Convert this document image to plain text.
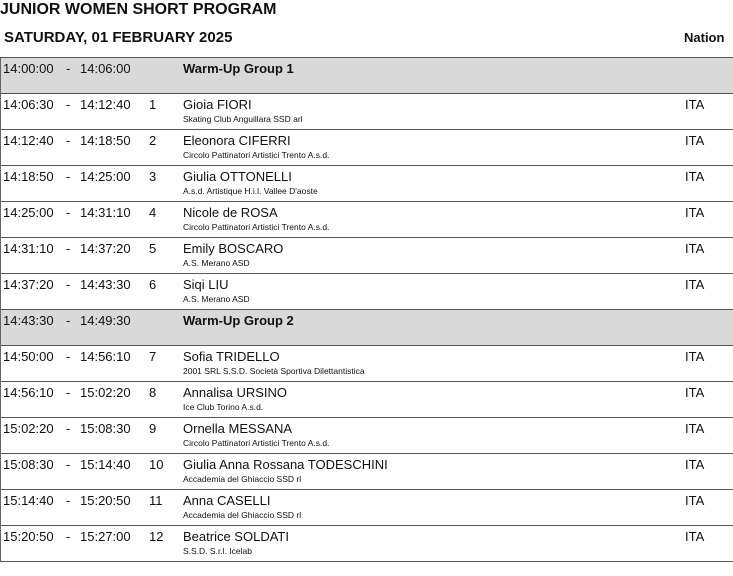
JUNIOR WOMEN SHORT PROGRAM
SATURDAY, 01 FEBRUARY 2025	Nation
14:00:00 - 14:06:00	Warm-Up Group 1
14:06:30 - 14:12:40 1 Gioia FIORI
Skating Club Anguillara SSD arl
ITA
14:12:40 - 14:18:50 2 Eleonora CIFERRI
Circolo Pattinatori Artistici Trento A.s.d.
ITA
14:18:50 - 14:25:00 3 Giulia OTTONELLI
A.s.d. Artistique H.i.l. Vallee D'aoste
ITA
14:25:00 - 14:31:10 4 Nicole de ROSA
Circolo Pattinatori Artistici Trento A.s.d.
ITA
14:31:10 - 14:37:20 5 Emily BOSCARO
A.S. Merano ASD
ITA
14:37:20 - 14:43:30 6 Siqi LIU
A.S. Merano ASD
ITA
14:43:30 - 14:49:30	Warm-Up Group 2
14:50:00 - 14:56:10 7 Sofia TRIDELLO
2001 SRL S.S.D. Società Sportiva Dilettantistica
ITA
14:56:10 - 15:02:20 8 Annalisa URSINO
Ice Club Torino A.s.d.
ITA
15:02:20 - 15:08:30 9 Ornella MESSANA
Circolo Pattinatori Artistici Trento A.s.d.
ITA
15:08:30 - 15:14:40 10 Giulia Anna Rossana TODESCHINI
Accademia del Ghiaccio SSD rl
ITA
15:14:40 - 15:20:50 11 Anna CASELLI
Accademia del Ghiaccio SSD rl
ITA
15:20:50 - 15:27:00 12 Beatrice SOLDATI
S.S.D. S.r.l. Icelab
ITA
